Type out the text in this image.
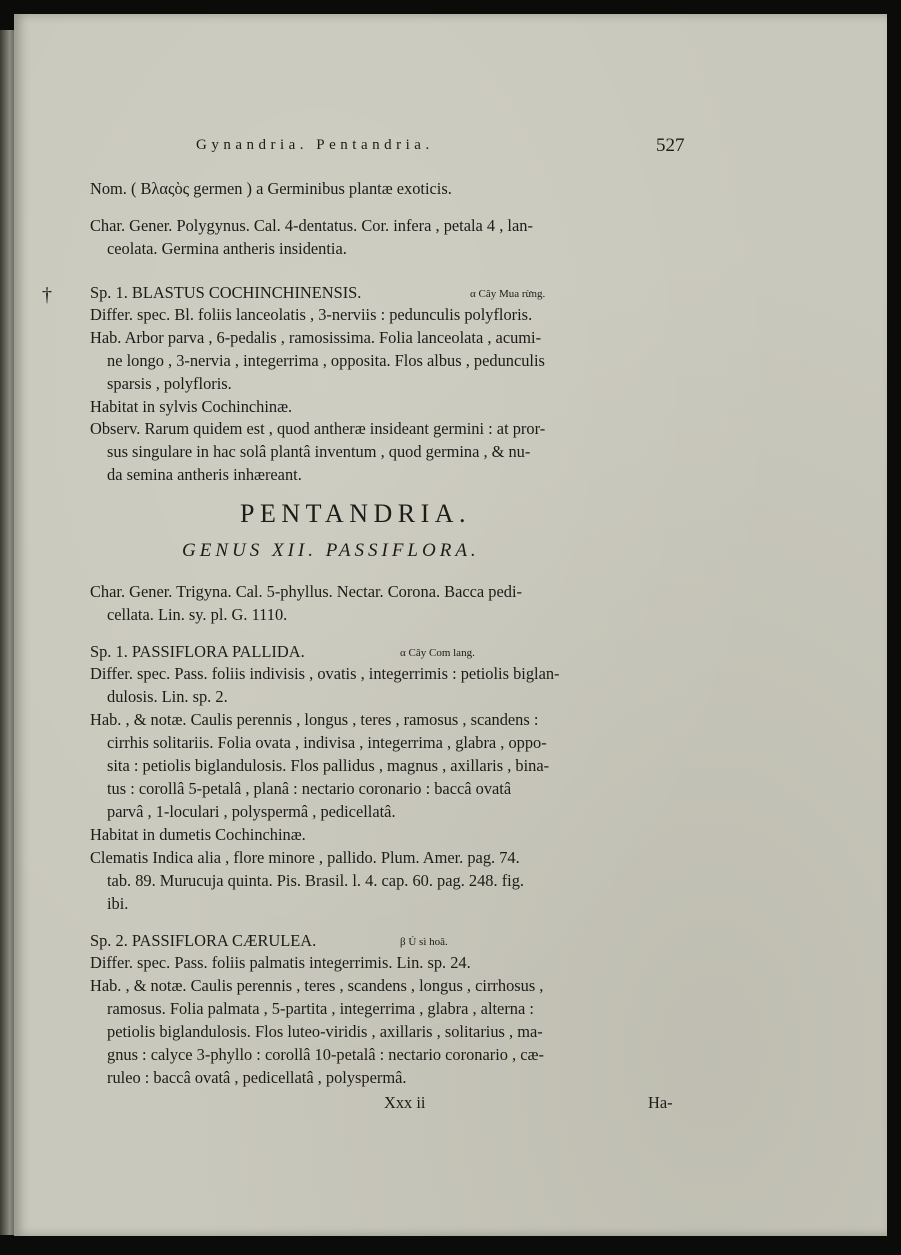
Gynandria. Pentandria.	527
Nom. ( Βλαςὸς germen ) a Germinibus plantæ exoticis.
Char. Gener. Polygynus. Cal. 4-dentatus. Cor. infera , petala 4 , lan-
ceolata. Germina antheris insidentia.
† Sp. 1. BLASTUS COCHINCHINENSIS.	α Cây Mua rừng.
Differ. spec. Bl. foliis lanceolatis , 3-nerviis : pedunculis polyfloris.
Hab. Arbor parva , 6-pedalis , ramosissima. Folia lanceolata , acumi-
ne longo , 3-nervia , integerrima , opposita. Flos albus , pedunculis
sparsis , polyfloris.
Habitat in sylvis Cochinchinæ.
Observ. Rarum quidem est , quod antheræ insideant germini : at pror-
sus singulare in hac solâ plantâ inventum , quod germina , & nu-
da semina antheris inhæreant.
PENTANDRIA.
GENUS XII. PASSIFLORA.
Char. Gener. Trigyna. Cal. 5-phyllus. Nectar. Corona. Bacca pedi-
cellata. Lin. sy. pl. G. 1110.
Sp. 1. PASSIFLORA PALLIDA.	α Cây Com lang.
Differ. spec. Pass. foliis indivisis , ovatis , integerrimis : petiolis biglan-
dulosis. Lin. sp. 2.
Hab. , & notæ. Caulis perennis , longus , teres , ramosus , scandens :
cirrhis solitariis. Folia ovata , indivisa , integerrima , glabra , oppo-
sita : petiolis biglandulosis. Flos pallidus , magnus , axillaris , bina-
tus : corollâ 5-petalâ , planâ : nectario coronario : baccâ ovatâ
parvâ , 1-loculari , polyspermâ , pedicellatâ.
Habitat in dumetis Cochinchinæ.
Clematis Indica alia , flore minore , pallido. Plum. Amer. pag. 74.
tab. 89. Murucuja quinta. Pis. Brasil. l. 4. cap. 60. pag. 248. fig.
ibi.
Sp. 2. PASSIFLORA CÆRULEA.	β Ủ sì hoā.
Differ. spec. Pass. foliis palmatis integerrimis. Lin. sp. 24.
Hab. , & notæ. Caulis perennis , teres , scandens , longus , cirrhosus ,
ramosus. Folia palmata , 5-partita , integerrima , glabra , alterna :
petiolis biglandulosis. Flos luteo-viridis , axillaris , solitarius , ma-
gnus : calyce 3-phyllo : corollâ 10-petalâ : nectario coronario , cæ-
ruleo : baccâ ovatâ , pedicellatâ , polyspermâ.
Xxx ii	Ha-
